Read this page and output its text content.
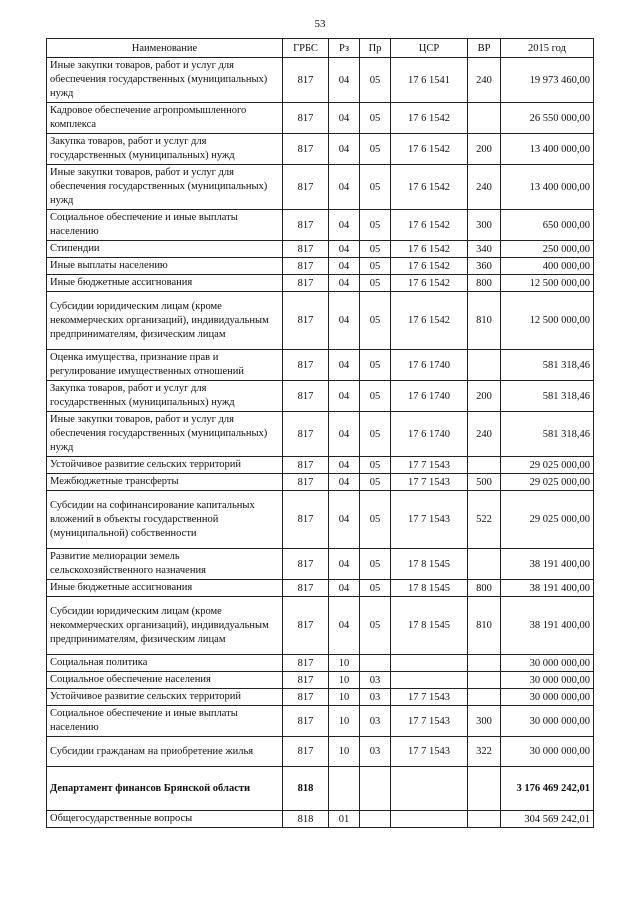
53
Наименование	ГРБС	Рз	Пр	ЦСР	ВР	2015 год
Иные закупки товаров, работ и услуг для обеспечения государственных (муниципальных) нужд	817	04	05	17 6 1541	240	19 973 460,00
Кадровое обеспечение агропромышленного комплекса	817	04	05	17 6 1542		26 550 000,00
Закупка товаров, работ и услуг для государственных (муниципальных) нужд	817	04	05	17 6 1542	200	13 400 000,00
Иные закупки товаров, работ и услуг для обеспечения государственных (муниципальных) нужд	817	04	05	17 6 1542	240	13 400 000,00
Социальное обеспечение и иные выплаты населению	817	04	05	17 6 1542	300	650 000,00
Стипендии	817	04	05	17 6 1542	340	250 000,00
Иные выплаты населению	817	04	05	17 6 1542	360	400 000,00
Иные бюджетные ассигнования	817	04	05	17 6 1542	800	12 500 000,00
Субсидии юридическим лицам (кроме некоммерческих организаций), индивидуальным предпринимателям, физическим лицам	817	04	05	17 6 1542	810	12 500 000,00
Оценка имущества, признание прав и регулирование имущественных отношений	817	04	05	17 6 1740		581 318,46
Закупка товаров, работ и услуг для государственных (муниципальных) нужд	817	04	05	17 6 1740	200	581 318,46
Иные закупки товаров, работ и услуг для обеспечения государственных (муниципальных) нужд	817	04	05	17 6 1740	240	581 318,46
Устойчивое развитие сельских территорий	817	04	05	17 7 1543		29 025 000,00
Межбюджетные трансферты	817	04	05	17 7 1543	500	29 025 000,00
Субсидии на софинансирование капитальных вложений в объекты государственной (муниципальной) собственности	817	04	05	17 7 1543	522	29 025 000,00
Развитие мелиорации земель сельскохозяйственного назначения	817	04	05	17 8 1545		38 191 400,00
Иные бюджетные ассигнования	817	04	05	17 8 1545	800	38 191 400,00
Субсидии юридическим лицам (кроме некоммерческих организаций), индивидуальным предпринимателям, физическим лицам	817	04	05	17 8 1545	810	38 191 400,00
Социальная политика	817	10				30 000 000,00
Социальное обеспечение населения	817	10	03			30 000 000,00
Устойчивое развитие сельских территорий	817	10	03	17 7 1543		30 000 000,00
Социальное обеспечение и иные выплаты населению	817	10	03	17 7 1543	300	30 000 000,00
Субсидии гражданам на приобретение жилья	817	10	03	17 7 1543	322	30 000 000,00
Департамент финансов Брянской области	818					3 176 469 242,01
Общегосударственные вопросы	818	01				304 569 242,01
